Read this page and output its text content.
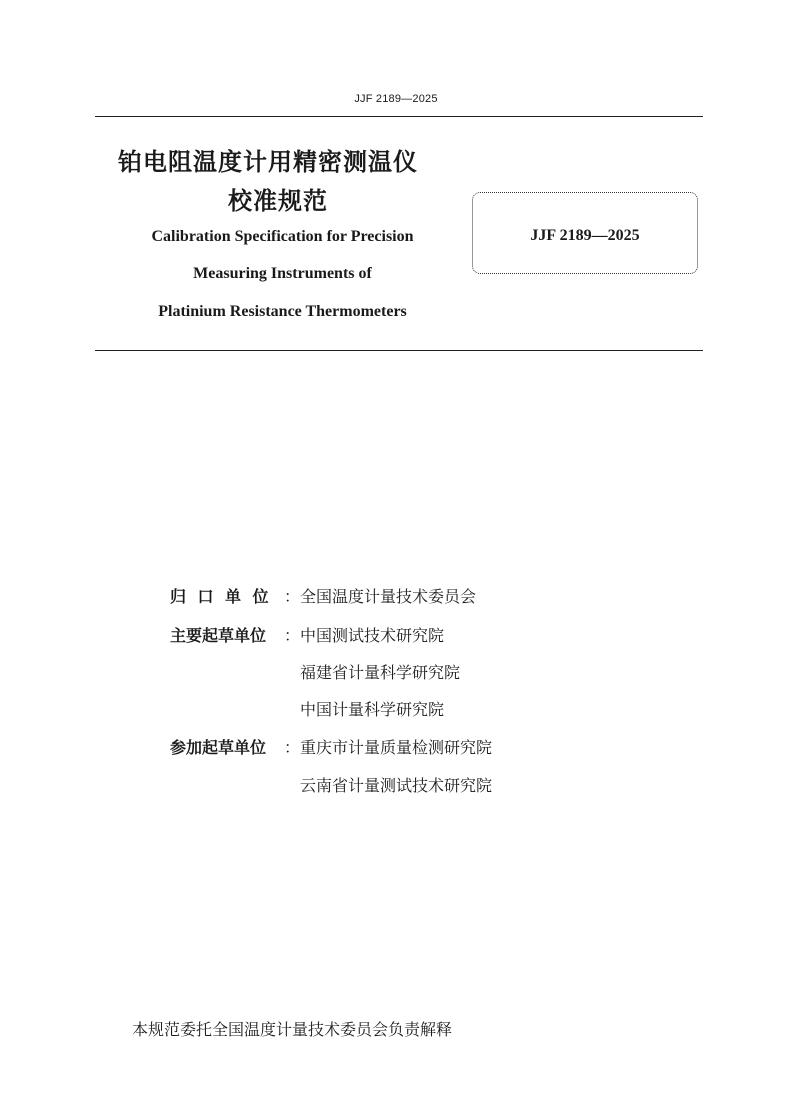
JJF 2189—2025
铂电阻温度计用精密测温仪
校准规范
Calibration Specification for Precision
Measuring Instruments of
Platinium Resistance Thermometers
JJF 2189—2025
归口单位 ： 全国温度计量技术委员会
主要起草单位	： 中国测试技术研究院
福建省计量科学研究院
中国计量科学研究院
参加起草单位	： 重庆市计量质量检测研究院
云南省计量测试技术研究院
本规范委托全国温度计量技术委员会负责解释
